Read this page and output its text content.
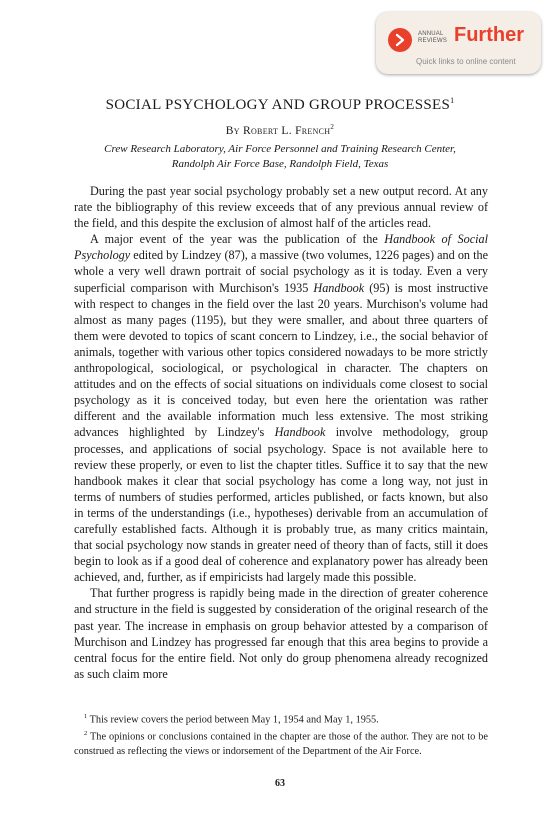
ANNUAL
REVIEWS Further
Quick links to online content
SOCIAL PSYCHOLOGY AND GROUP PROCESSES$^1$
By Robert L. French$^2$
Crew Research Laboratory, Air Force Personnel and Training Research Center,
Randolph Air Force Base, Randolph Field, Texas

During the past year social psychology probably set a new output record. At any rate the bibliography of this review exceeds that of any previous annual review of the field, and this despite the exclusion of almost half of the articles read.

A major event of the year was the publication of the Handbook of Social Psychology edited by Lindzey (87), a massive (two volumes, 1226 pages) and on the whole a very well drawn portrait of social psychology as it is today. Even a very superficial comparison with Murchison's 1935 Handbook (95) is most instructive with respect to changes in the field over the last 20 years. Murchison's volume had almost as many pages (1195), but they were smaller, and about three quarters of them were devoted to topics of scant concern to Lindzey, i.e., the social behavior of animals, together with various other topics considered nowadays to be more strictly anthropological, sociological, or psychological in character. The chapters on attitudes and on the effects of social situations on individuals come closest to social psychology as it is conceived today, but even here the orientation was rather different and the available information much less extensive. The most striking advances highlighted by Lindzey's Handbook involve methodology, group processes, and applications of social psychology. Space is not available here to review these properly, or even to list the chapter titles. Suffice it to say that the new handbook makes it clear that social psychology has come a long way, not just in terms of numbers of studies performed, articles published, or facts known, but also in terms of the understandings (i.e., hypotheses) derivable from an accumulation of carefully established facts. Although it is probably true, as many critics maintain, that social psychology now stands in greater need of theory than of facts, still it does begin to look as if a good deal of coherence and explanatory power has already been achieved, and, further, as if empiricists had largely made this possible.

That further progress is rapidly being made in the direction of greater coherence and structure in the field is suggested by consideration of the original research of the past year. The increase in emphasis on group behavior attested by a comparison of Murchison and Lindzey has progressed far enough that this area begins to provide a central focus for the entire field. Not only do group phenomena already recognized as such claim more

$^1$ This review covers the period between May 1, 1954 and May 1, 1955.

$^2$ The opinions or conclusions contained in the chapter are those of the author. They are not to be construed as reflecting the views or indorsement of the Department of the Air Force.

63
